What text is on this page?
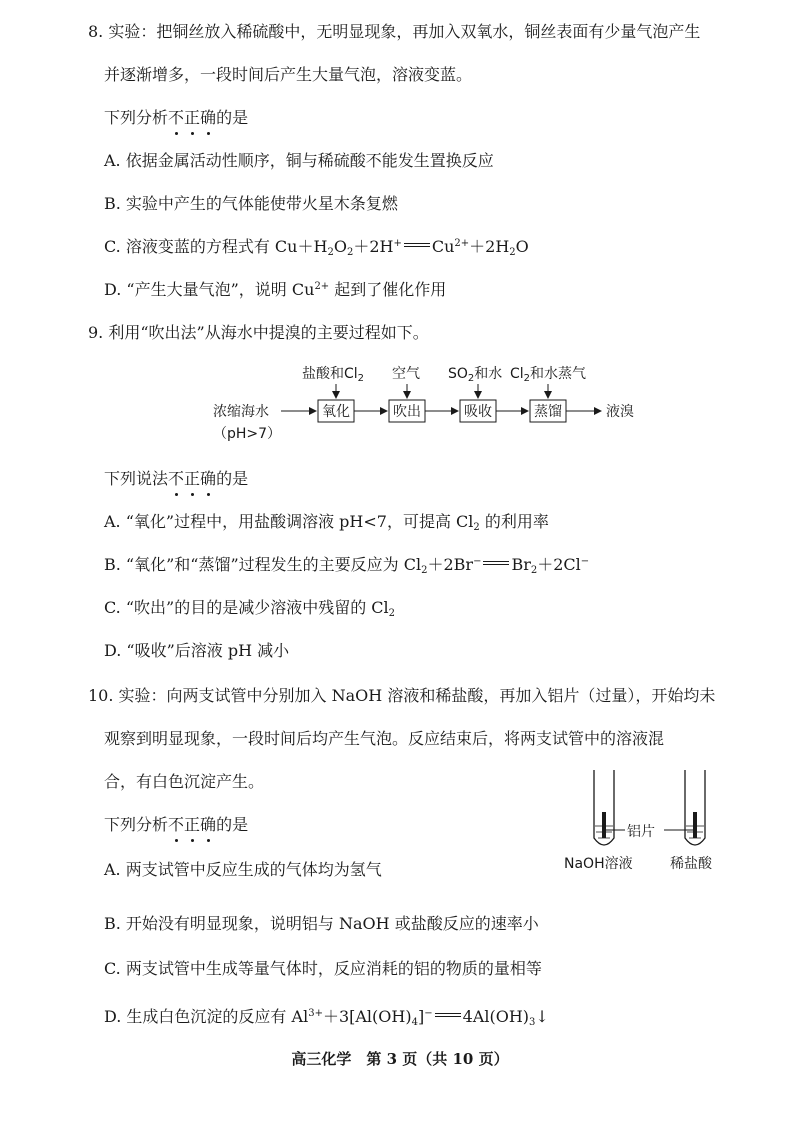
8. 实验：把铜丝放入稀硫酸中，无明显现象，再加入双氧水，铜丝表面有少量气泡产生
并逐渐增多，一段时间后产生大量气泡，溶液变蓝。
下列分析不正确的是
A. 依据金属活动性顺序，铜与稀硫酸不能发生置换反应
B. 实验中产生的气体能使带火星木条复燃
C. 溶液变蓝的方程式有 $Cu+H_2O_2+2H^+$ $Cu^{2+}+2H_2O$
D. “产生大量气泡”，说明 $Cu^{2+}$ 起到了催化作用
9. 利用“吹出法”从海水中提溴的主要过程如下。
浓缩海水
（pH>7）
氧化	吹出	吸收	蒸馏	液溴
盐酸和$Cl_2$ 空气 $SO_2$和水 $Cl_2$和水蒸气
铝片
NaOH溶液	稀盐酸
下列说法不正确的是
A. “氧化”过程中，用盐酸调溶液 pH<7，可提高 $Cl_2$ 的利用率
B. “氧化”和“蒸馏”过程发生的主要反应为 $Cl_2+2Br^-$ $Br_2+2Cl^-$
C. “吹出”的目的是减少溶液中残留的 $Cl_2$
D. “吸收”后溶液 pH 减小
10. 实验：向两支试管中分别加入 NaOH 溶液和稀盐酸，再加入铝片（过量），开始均未
观察到明显现象，一段时间后均产生气泡。反应结束后，将两支试管中的溶液混
合，有白色沉淀产生。
下列分析不正确的是
A. 两支试管中反应生成的气体均为氢气
B. 开始没有明显现象，说明铝与 NaOH 或盐酸反应的速率小
C. 两支试管中生成等量气体时，反应消耗的铝的物质的量相等
D. 生成白色沉淀的反应有 $Al^{3+}+3[Al(OH)_4]^-$ $4Al(OH)_3↓$
高三化学　第 3 页（共 10 页）
